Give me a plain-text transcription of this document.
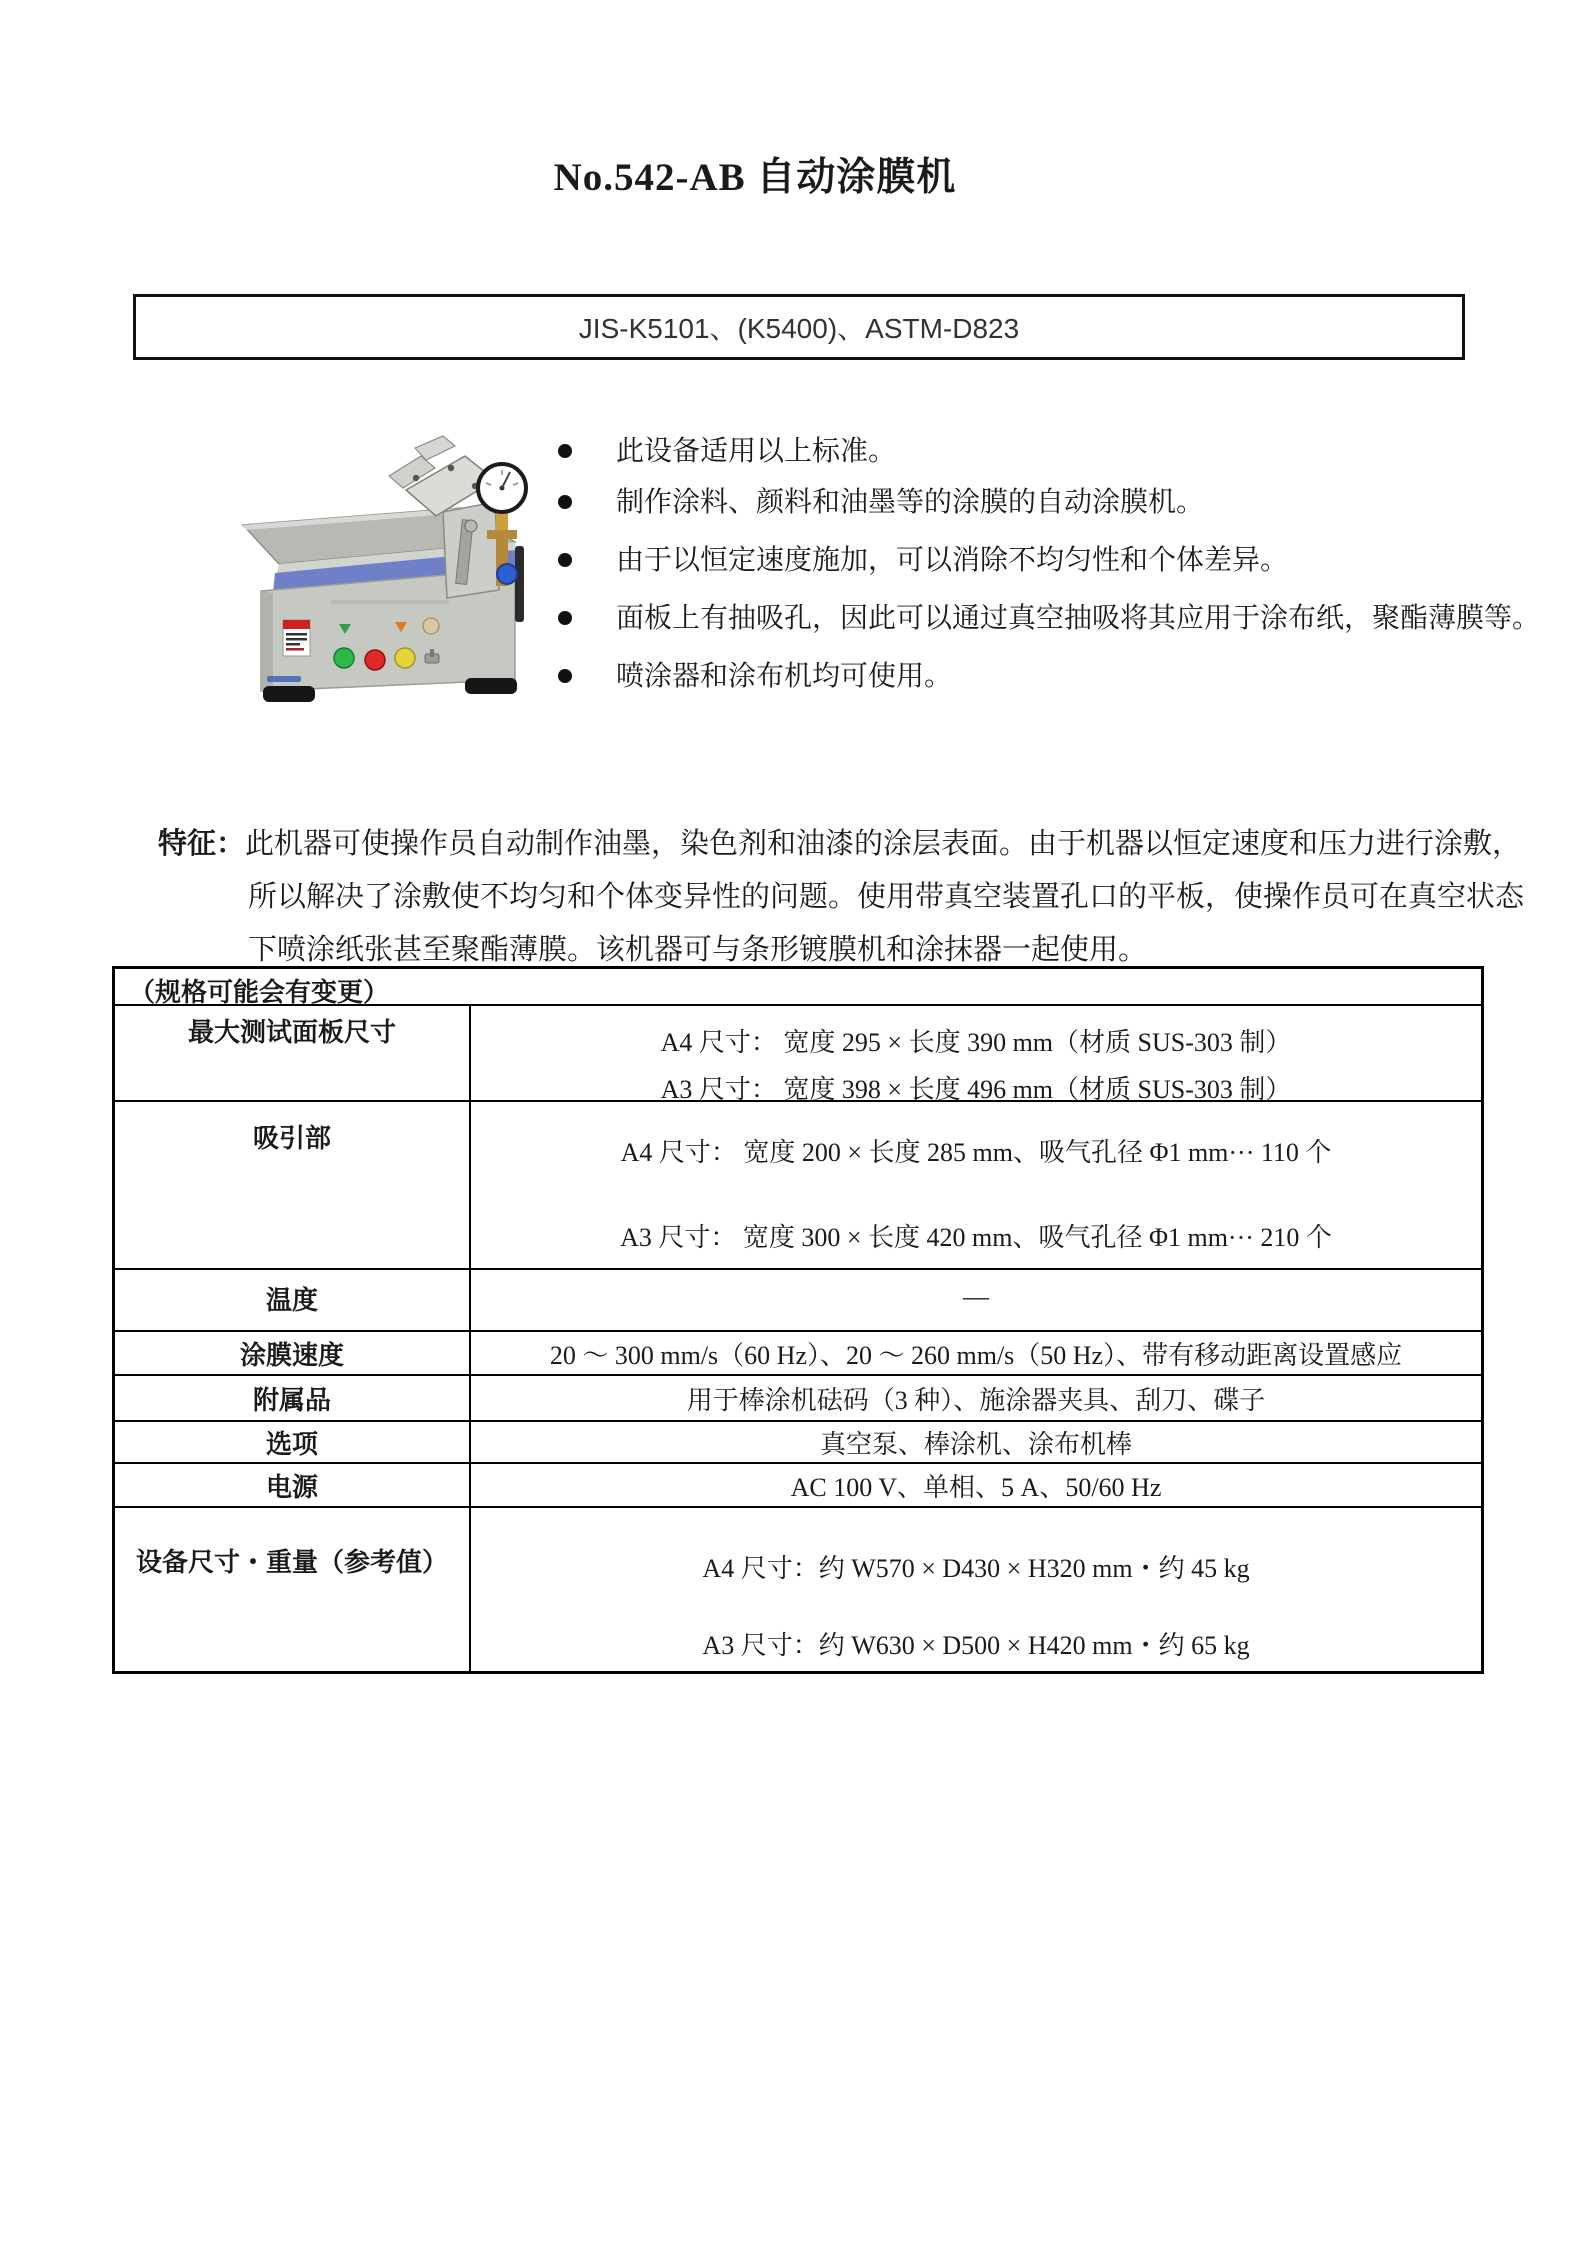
No.542-AB 自动涂膜机
JIS-K5101、(K5400)、ASTM-D823
此设备适用以上标准。
制作涂料、颜料和油墨等的涂膜的自动涂膜机。
由于以恒定速度施加，可以消除不均匀性和个体差异。
面板上有抽吸孔，因此可以通过真空抽吸将其应用于涂布纸，聚酯薄膜等。
喷涂器和涂布机均可使用。
特征：此机器可使操作员自动制作油墨，染色剂和油漆的涂层表面。由于机器以恒定速度和压力进行涂敷，所以解决了涂敷使不均匀和个体变异性的问题。使用带真空装置孔口的平板，使操作员可在真空状态下喷涂纸张甚至聚酯薄膜。该机器可与条形镀膜机和涂抹器一起使用。
（规格可能会有变更）
最大测试面板尺寸	A4 尺寸： 宽度 295 × 长度 390 mm（材质 SUS-303 制）
A3 尺寸： 宽度 398 × 长度 496 mm（材质 SUS-303 制）
吸引部	A4 尺寸： 宽度 200 × 长度 285 mm、吸气孔径 Φ1 mm··· 110 个
A3 尺寸： 宽度 300 × 长度 420 mm、吸气孔径 Φ1 mm··· 210 个
温度	—
涂膜速度	20 ～ 300 mm/s（60 Hz）、20 ～ 260 mm/s（50 Hz）、带有移动距离设置感应
附属品	用于棒涂机砝码（3 种）、施涂器夹具、刮刀、碟子
选项	真空泵、棒涂机、涂布机棒
电源	AC 100 V、单相、5 A、50/60 Hz
设备尺寸・重量（参考值）	A4 尺寸：约 W570 × D430 × H320 mm・约 45 kg
A3 尺寸：约 W630 × D500 × H420 mm・约 65 kg
